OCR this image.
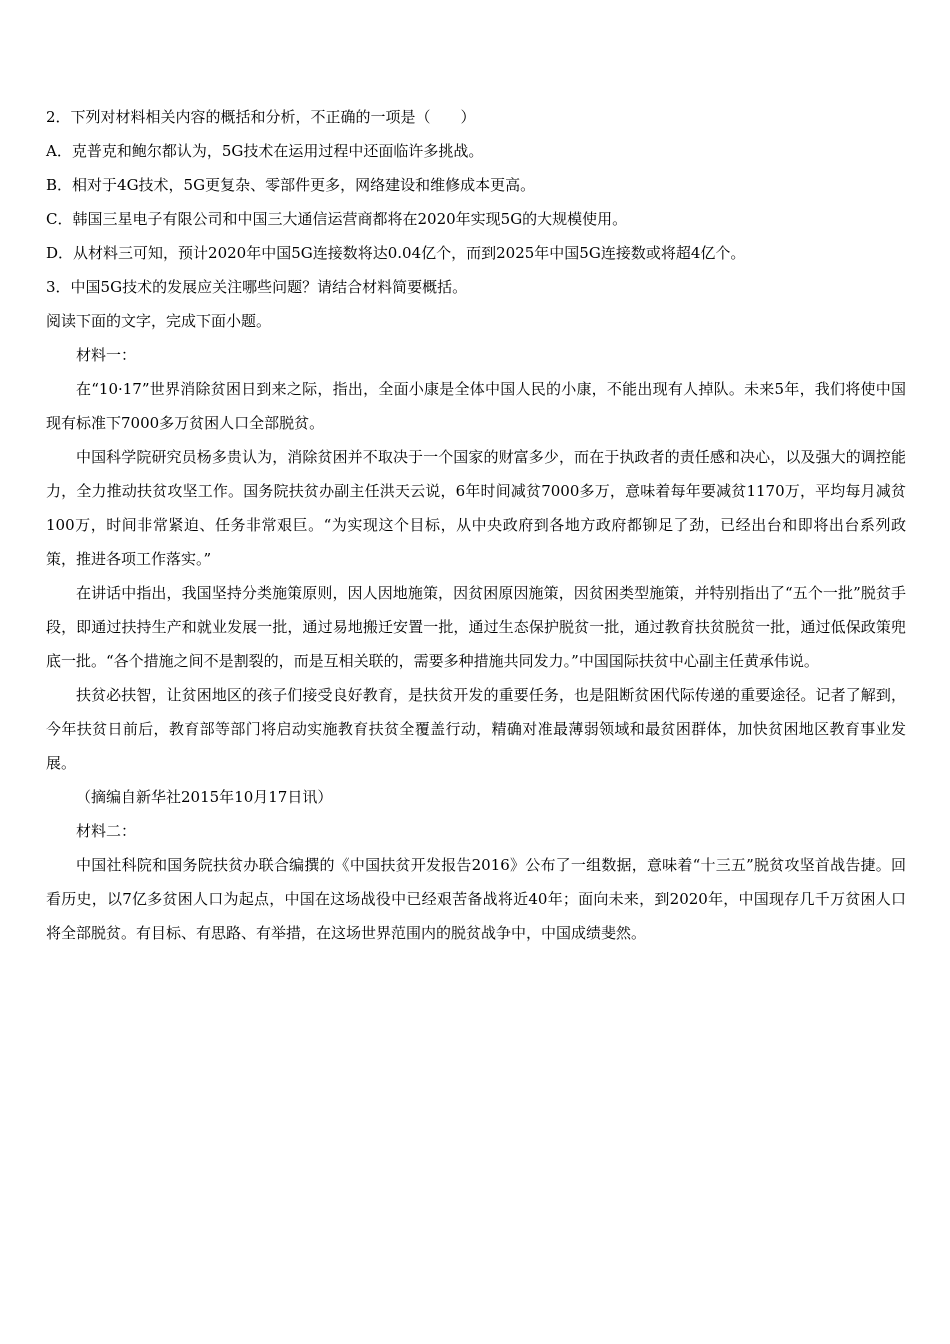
2．下列对材料相关内容的概括和分析，不正确的一项是（　　）

A．克普克和鲍尔都认为，5G技术在运用过程中还面临许多挑战。

B．相对于4G技术，5G更复杂、零部件更多，网络建设和维修成本更高。

C．韩国三星电子有限公司和中国三大通信运营商都将在2020年实现5G的大规模使用。

D．从材料三可知，预计2020年中国5G连接数将达0.04亿个，而到2025年中国5G连接数或将超4亿个。

3．中国5G技术的发展应关注哪些问题？请结合材料简要概括。

阅读下面的文字，完成下面小题。

材料一：

在“10·17”世界消除贫困日到来之际，指出，全面小康是全体中国人民的小康，不能出现有人掉队。未来5年，我们将使中国现有标准下7000多万贫困人口全部脱贫。

中国科学院研究员杨多贵认为，消除贫困并不取决于一个国家的财富多少，而在于执政者的责任感和决心，以及强大的调控能力，全力推动扶贫攻坚工作。国务院扶贫办副主任洪天云说，6年时间减贫7000多万，意味着每年要减贫1170万，平均每月减贫100万，时间非常紧迫、任务非常艰巨。“为实现这个目标，从中央政府到各地方政府都铆足了劲，已经出台和即将出台系列政策，推进各项工作落实。”

在讲话中指出，我国坚持分类施策原则，因人因地施策，因贫困原因施策，因贫困类型施策，并特别指出了“五个一批”脱贫手段，即通过扶持生产和就业发展一批，通过易地搬迁安置一批，通过生态保护脱贫一批，通过教育扶贫脱贫一批，通过低保政策兜底一批。“各个措施之间不是割裂的，而是互相关联的，需要多种措施共同发力。”中国国际扶贫中心副主任黄承伟说。

扶贫必扶智，让贫困地区的孩子们接受良好教育，是扶贫开发的重要任务，也是阻断贫困代际传递的重要途径。记者了解到，今年扶贫日前后，教育部等部门将启动实施教育扶贫全覆盖行动，精确对准最薄弱领域和最贫困群体，加快贫困地区教育事业发展。

（摘编自新华社2015年10月17日讯）

材料二：

中国社科院和国务院扶贫办联合编撰的《中国扶贫开发报告2016》公布了一组数据，意味着“十三五”脱贫攻坚首战告捷。回看历史，以7亿多贫困人口为起点，中国在这场战役中已经艰苦备战将近40年；面向未来，到2020年，中国现存几千万贫困人口将全部脱贫。有目标、有思路、有举措，在这场世界范围内的脱贫战争中，中国成绩斐然。
